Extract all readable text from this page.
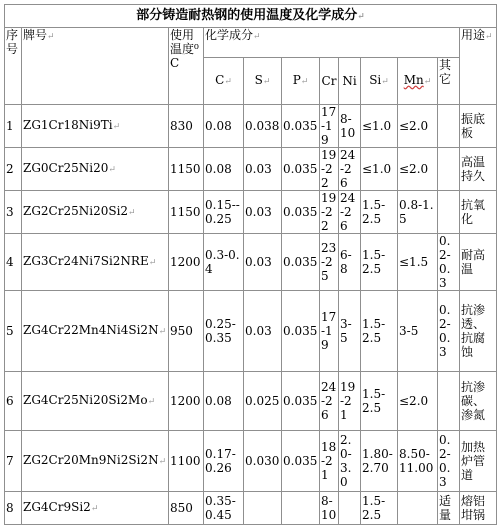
部分铸造耐热钢的使用温度及化学成分↵											
序号	牌号↵	使用温度⁰C	化学成分↵								用途↵
			C↵	S↵	P↵	Cr	Ni	Si↵	Mn↵	其它	
1	ZG1Cr18Ni9Ti↵	830	0.08	0.038	0.035	17-19	8-10	≤1.0	≤2.0		振底板
2	ZG0Cr25Ni20↵	1150	0.08	0.03	0.035	19-22	24-26	≤1.0	≤2.0		高温持久
3	ZG2Cr25Ni20Si2↵	1150	0.15--0.25	0.03	0.035	19-22	24-26	1.5-2.5	0.8-1.5		抗氧化
4	ZG3Cr24Ni7Si2NRE↵	1200	0.3-0.4	0.03	0.035	23-25	6-8	1.5-2.5	≤1.5	0.2-0.3	耐高温
5	ZG4Cr22Mn4Ni4Si2N↵	950	0.25-0.35	0.03	0.035	17-19	3-5	1.5-2.5	3-5	0.2-0.3	抗渗透、抗腐蚀
6	ZG4Cr25Ni20Si2Mo↵	1200	0.08	0.025	0.035	24-26	19-21	1.5-2.5	≤2.0		抗渗碳、渗氮
7	ZG2Cr20Mn9Ni2Si2N↵	1100	0.17-0.26	0.030	0.035	18-21	2.0-3.0	1.80-2.70	8.50-11.00	0.2-0.3	加热炉管道
8	ZG4Cr9Si2↵	850	0.35-0.45			8-10		1.5-2.5		适量	熔铝坩锅
